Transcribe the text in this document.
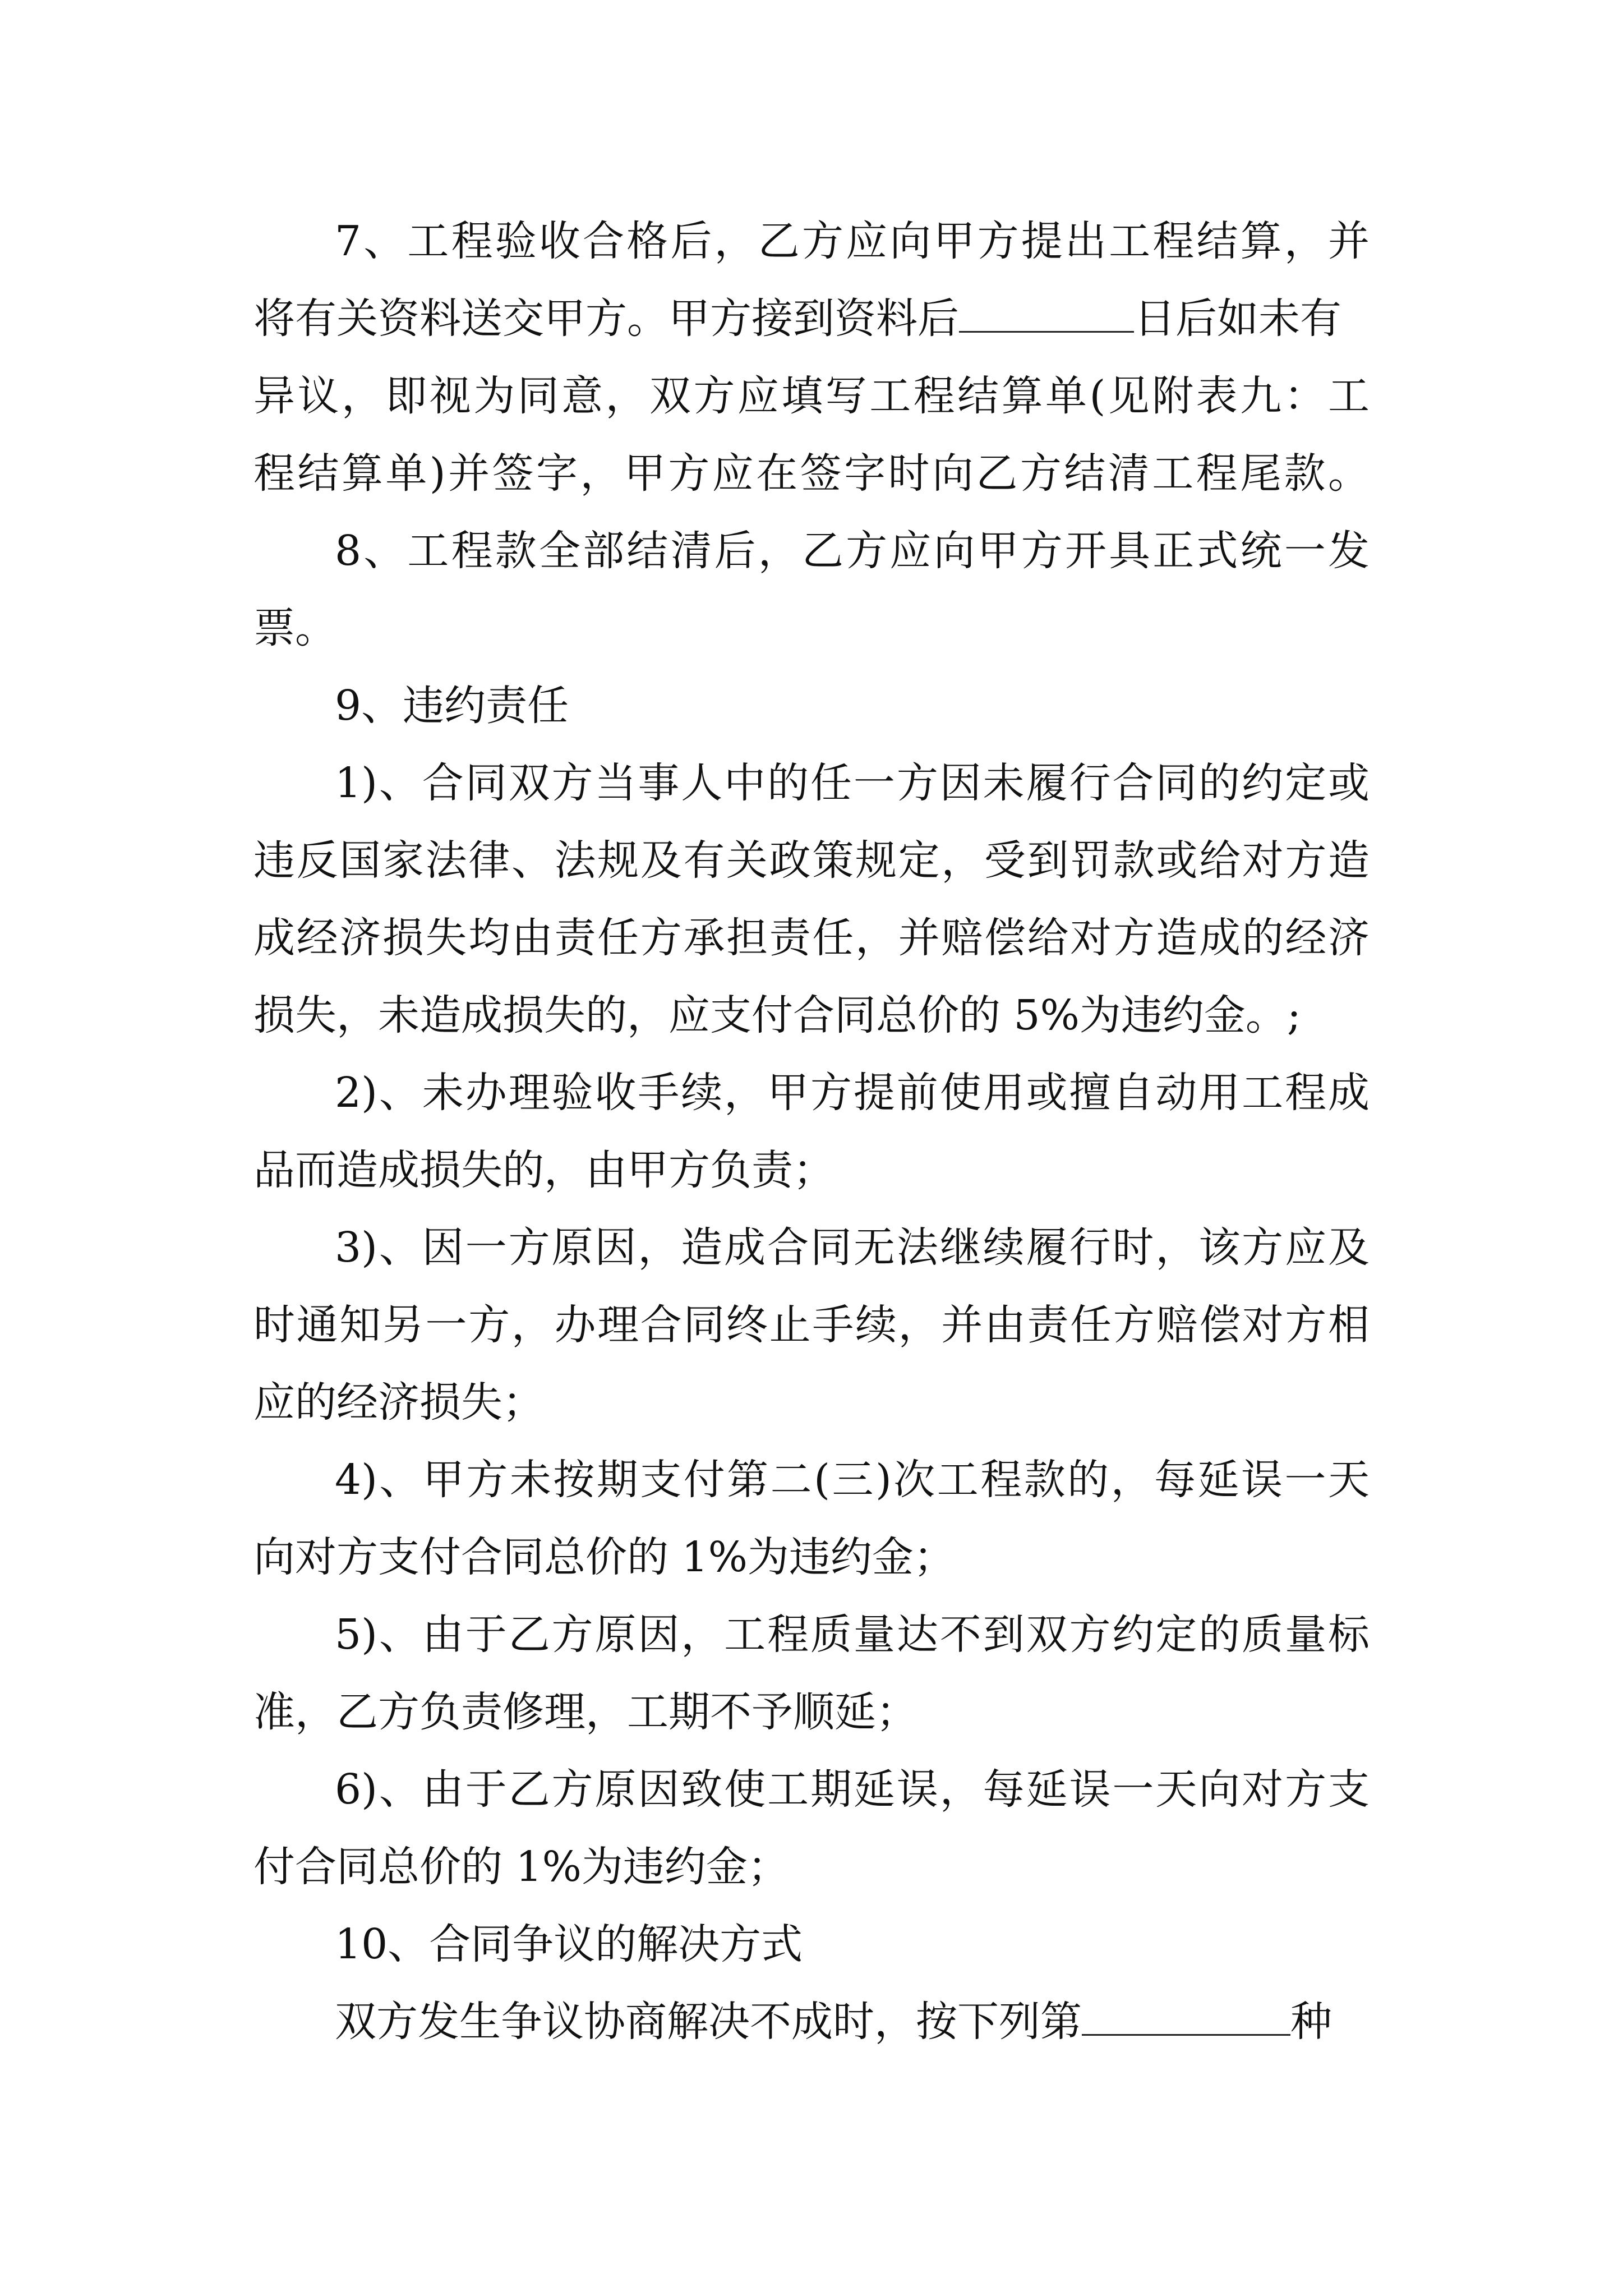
7、工程验收合格后，乙方应向甲方提出工程结算，并
将有关资料送交甲方。甲方接到资料后	日后如未有
异议，即视为同意，双方应填写工程结算单(见附表九：工
程结算单)并签字，甲方应在签字时向乙方结清工程尾款。
8、工程款全部结清后，乙方应向甲方开具正式统一发
票。
9、违约责任
1)、合同双方当事人中的任一方因未履行合同的约定或
违反国家法律、法规及有关政策规定，受到罚款或给对方造
成经济损失均由责任方承担责任，并赔偿给对方造成的经济
损失，未造成损失的，应支付合同总价的 5%为违约金。;
2)、未办理验收手续，甲方提前使用或擅自动用工程成
品而造成损失的，由甲方负责；
3)、因一方原因，造成合同无法继续履行时，该方应及
时通知另一方，办理合同终止手续，并由责任方赔偿对方相
应的经济损失；
4)、甲方未按期支付第二(三)次工程款的，每延误一天
向对方支付合同总价的 1%为违约金；
5)、由于乙方原因，工程质量达不到双方约定的质量标
准，乙方负责修理，工期不予顺延；
6)、由于乙方原因致使工期延误，每延误一天向对方支
付合同总价的 1%为违约金；
10、合同争议的解决方式
双方发生争议协商解决不成时，按下列第	种
